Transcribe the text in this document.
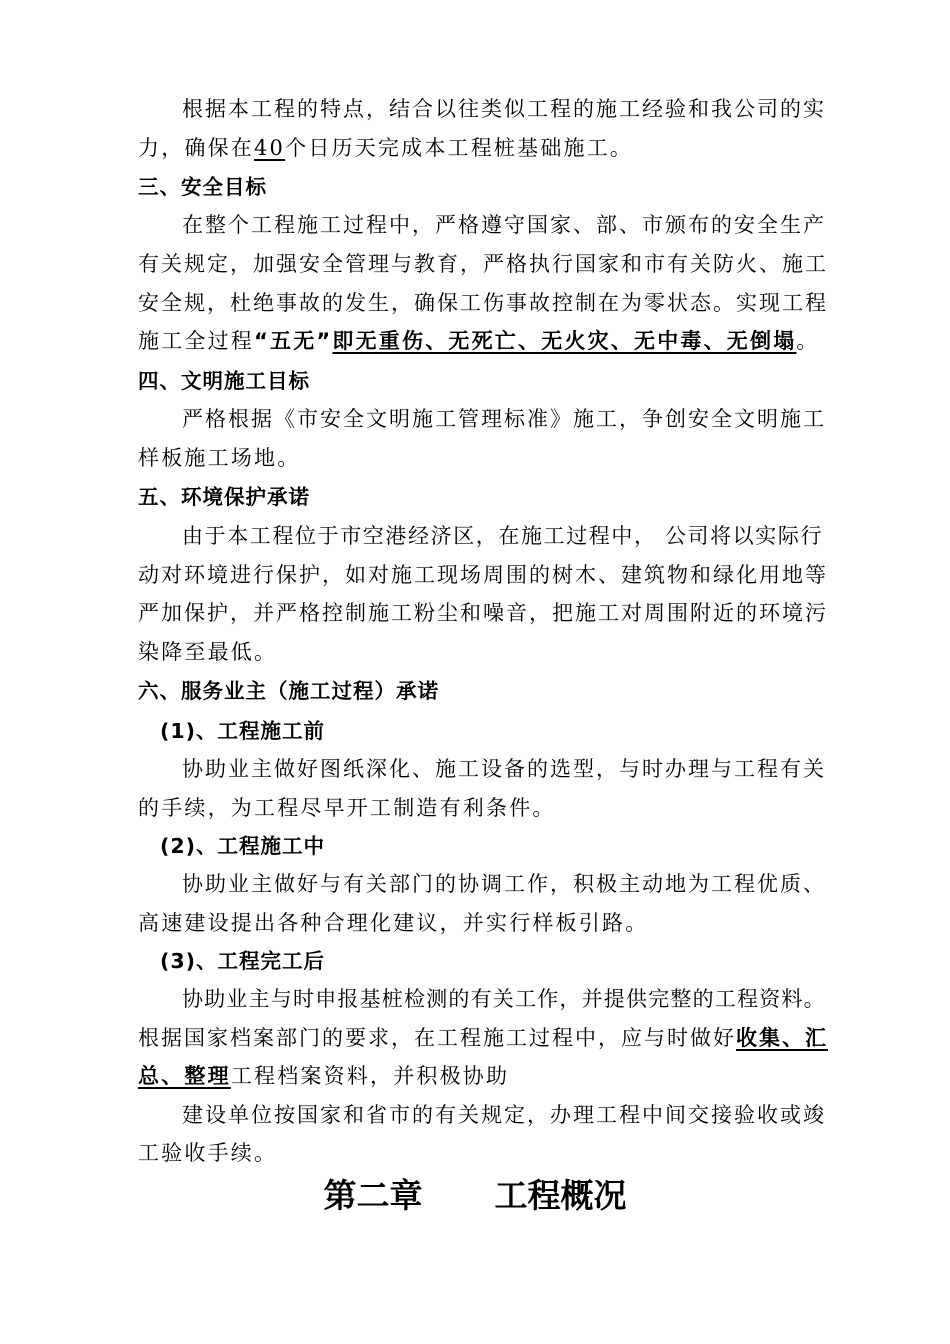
根据本工程的特点，结合以往类似工程的施工经验和我公司的实
力，确保在40个日历天完成本工程桩基础施工。
三、安全目标
在整个工程施工过程中，严格遵守国家、部、市颁布的安全生产
有关规定，加强安全管理与教育，严格执行国家和市有关防火、施工
安全规，杜绝事故的发生，确保工伤事故控制在为零状态。实现工程
施工全过程“五无”即无重伤、无死亡、无火灾、无中毒、无倒塌。
四、文明施工目标
严格根据《市安全文明施工管理标准》施工，争创安全文明施工
样板施工场地。
五、环境保护承诺
由于本工程位于市空港经济区，在施工过程中， 公司将以实际行
动对环境进行保护，如对施工现场周围的树木、建筑物和绿化用地等
严加保护，并严格控制施工粉尘和噪音，把施工对周围附近的环境污
染降至最低。
六、服务业主（施工过程）承诺
(1)、工程施工前
协助业主做好图纸深化、施工设备的选型，与时办理与工程有关
的手续，为工程尽早开工制造有利条件。
(2)、工程施工中
协助业主做好与有关部门的协调工作，积极主动地为工程优质、
高速建设提出各种合理化建议，并实行样板引路。
(3)、工程完工后
协助业主与时申报基桩检测的有关工作，并提供完整的工程资料。
根据国家档案部门的要求，在工程施工过程中，应与时做好收集、汇
总、整理工程档案资料，并积极协助
建设单位按国家和省市的有关规定，办理工程中间交接验收或竣
工验收手续。
第二章 工程概况
